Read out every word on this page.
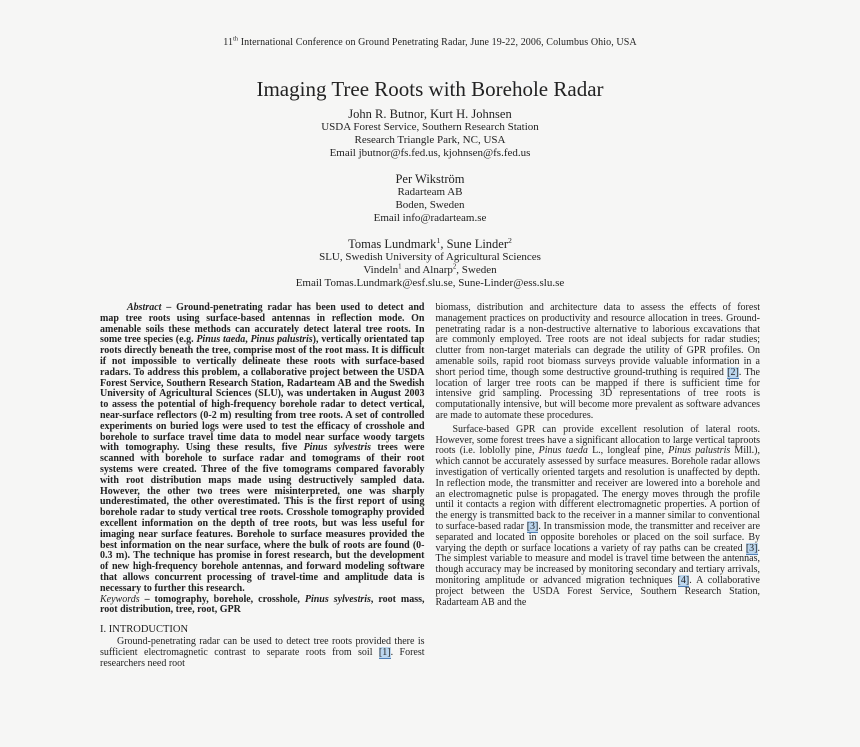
11th International Conference on Ground Penetrating Radar, June 19-22, 2006, Columbus Ohio, USA
Imaging Tree Roots with Borehole Radar
John R. Butnor, Kurt H. Johnsen
USDA Forest Service, Southern Research Station
Research Triangle Park, NC, USA
Email jbutnor@fs.fed.us, kjohnsen@fs.fed.us
Per Wikström
Radarteam AB
Boden, Sweden
Email info@radarteam.se
Tomas Lundmark$^1$, Sune Linder$^2$
SLU, Swedish University of Agricultural Sciences
Vindeln$^1$ and Alnarp$^2$, Sweden
Email Tomas.Lundmark@esf.slu.se, Sune-Linder@ess.slu.se

Abstract – Ground-penetrating radar has been used to detect and map tree roots using surface-based antennas in reflection mode. On amenable soils these methods can accurately detect lateral tree roots. In some tree species (e.g. Pinus taeda, Pinus palustris), vertically orientated tap roots directly beneath the tree, comprise most of the root mass. It is difficult if not impossible to vertically delineate these roots with surface-based radars. To address this problem, a collaborative project between the USDA Forest Service, Southern Research Station, Radarteam AB and the Swedish University of Agricultural Sciences (SLU), was undertaken in August 2003 to assess the potential of high-frequency borehole radar to detect vertical, near-surface reflectors (0-2 m) resulting from tree roots. A set of controlled experiments on buried logs were used to test the efficacy of crosshole and borehole to surface travel time data to model near surface woody targets with tomography. Using these results, five Pinus sylvestris trees were scanned with borehole to surface radar and tomograms of their root systems were created. Three of the five tomograms compared favorably with root distribution maps made using destructively sampled data. However, the other two trees were misinterpreted, one was sharply underestimated, the other overestimated. This is the first report of using borehole radar to study vertical tree roots. Crosshole tomography provided excellent information on the depth of tree roots, but was less useful for imaging near surface features. Borehole to surface measures provided the best information on the near surface, where the bulk of roots are found (0-0.3 m). The technique has promise in forest research, but the development of new high-frequency borehole antennas, and forward modeling software that allows concurrent processing of travel-time and amplitude data is necessary to further this research.

Keywords – tomography, borehole, crosshole, Pinus sylvestris, root mass, root distribution, tree, root, GPR

I. INTRODUCTION

Ground-penetrating radar can be used to detect tree roots provided there is sufficient electromagnetic contrast to separate roots from soil [1]. Forest researchers need root

biomass, distribution and architecture data to assess the effects of forest management practices on productivity and resource allocation in trees. Ground-penetrating radar is a non-destructive alternative to laborious excavations that are commonly employed. Tree roots are not ideal subjects for radar studies; clutter from non-target materials can degrade the utility of GPR profiles. On amenable soils, rapid root biomass surveys provide valuable information in a short period time, though some destructive ground-truthing is required [2]. The location of larger tree roots can be mapped if there is sufficient time for intensive grid sampling. Processing 3D representations of tree roots is computationally intensive, but will become more prevalent as software advances are made to automate these procedures.

Surface-based GPR can provide excellent resolution of lateral roots. However, some forest trees have a significant allocation to large vertical taproots roots (i.e. loblolly pine, Pinus taeda L., longleaf pine, Pinus palustris Mill.), which cannot be accurately assessed by surface measures. Borehole radar allows investigation of vertically oriented targets and resolution is unaffected by depth. In reflection mode, the transmitter and receiver are lowered into a borehole and an electromagnetic pulse is propagated. The energy moves through the profile until it contacts a region with different electromagnetic properties. A portion of the energy is transmitted back to the receiver in a manner similar to conventional to surface-based radar [3]. In transmission mode, the transmitter and receiver are separated and located in opposite boreholes or placed on the soil surface. By varying the depth or surface locations a variety of ray paths can be created [3]. The simplest variable to measure and model is travel time between the antennas, though accuracy may be increased by monitoring secondary and tertiary arrivals, monitoring amplitude or advanced migration techniques [4]. A collaborative project between the USDA Forest Service, Southern Research Station, Radarteam AB and the
